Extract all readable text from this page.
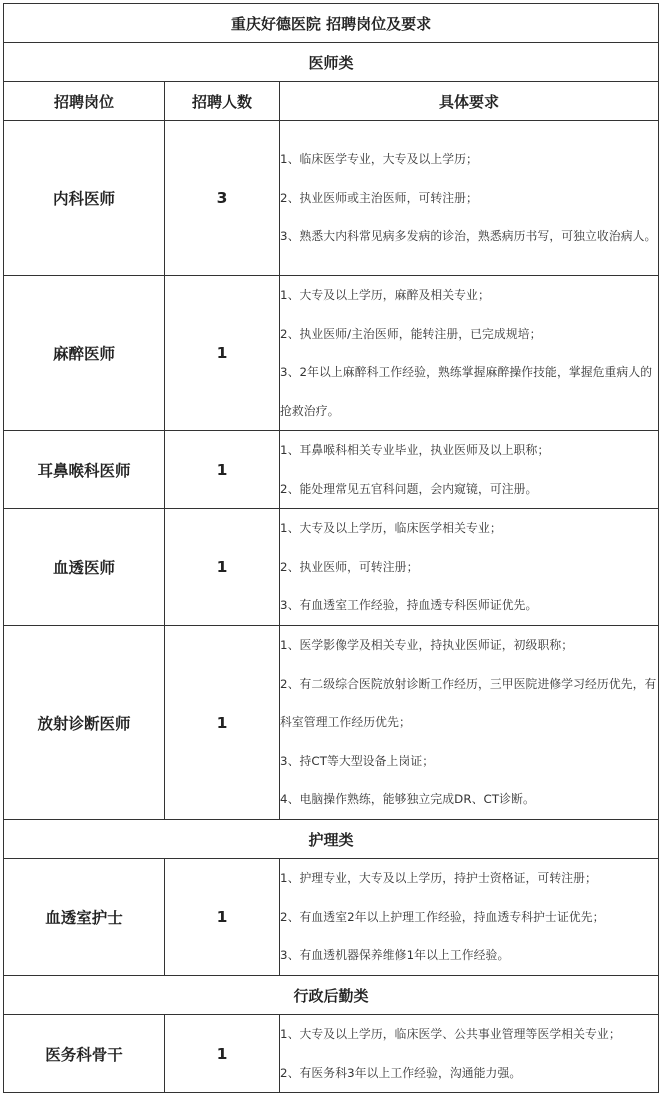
重庆好德医院 招聘岗位及要求		
医师类		
招聘岗位	招聘人数	具体要求
内科医师	3	1、临床医学专业，大专及以上学历；

2、执业医师或主治医师，可转注册；

3、熟悉大内科常见病多发病的诊治，熟悉病历书写，可独立收治病人。

麻醉医师	1	1、大专及以上学历，麻醉及相关专业；

2、执业医师/主治医师，能转注册，已完成规培；

3、2年以上麻醉科工作经验，熟练掌握麻醉操作技能，掌握危重病人的抢救治疗。

耳鼻喉科医师	1	1、耳鼻喉科相关专业毕业，执业医师及以上职称；

2、能处理常见五官科问题，会内窥镜，可注册。

血透医师	1	1、大专及以上学历，临床医学相关专业；

2、执业医师，可转注册；

3、有血透室工作经验，持血透专科医师证优先。

放射诊断医师	1	1、医学影像学及相关专业，持执业医师证，初级职称；

2、有二级综合医院放射诊断工作经历，三甲医院进修学习经历优先，有科室管理工作经历优先；

3、持CT等大型设备上岗证；

4、电脑操作熟练，能够独立完成DR、CT诊断。

护理类		
血透室护士	1	1、护理专业，大专及以上学历，持护士资格证，可转注册；

2、有血透室2年以上护理工作经验，持血透专科护士证优先；

3、有血透机器保养维修1年以上工作经验。

行政后勤类		
医务科骨干	1	1、大专及以上学历，临床医学、公共事业管理等医学相关专业；

2、有医务科3年以上工作经验，沟通能力强。
